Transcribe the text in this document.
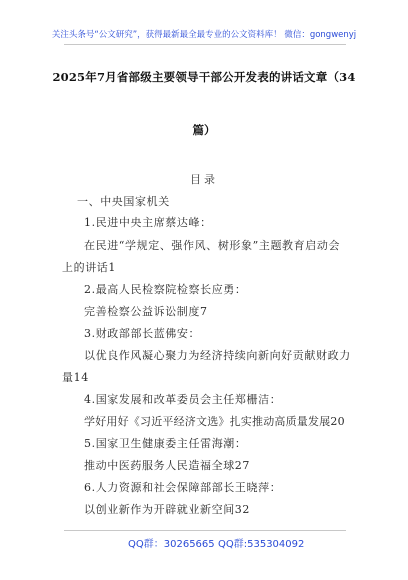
关注头条号“公文研究”，获得最新最全最专业的公文资料库！ 微信：gongwenyj
2025年7月省部级主要领导干部公开发表的讲话文章（34
篇）
目录
一、中央国家机关
1.民进中央主席蔡达峰：
在民进“学规定、强作风、树形象”主题教育启动会
上的讲话1
2.最高人民检察院检察长应勇：
完善检察公益诉讼制度7
3.财政部部长蓝佛安：
以优良作风凝心聚力为经济持续向新向好贡献财政力
量14
4.国家发展和改革委员会主任郑栅洁：
学好用好《习近平经济文选》扎实推动高质量发展20
5.国家卫生健康委主任雷海潮：
推动中医药服务人民造福全球27
6.人力资源和社会保障部部长王晓萍：
以创业新作为开辟就业新空间32
QQ群：30265665 QQ群:535304092
